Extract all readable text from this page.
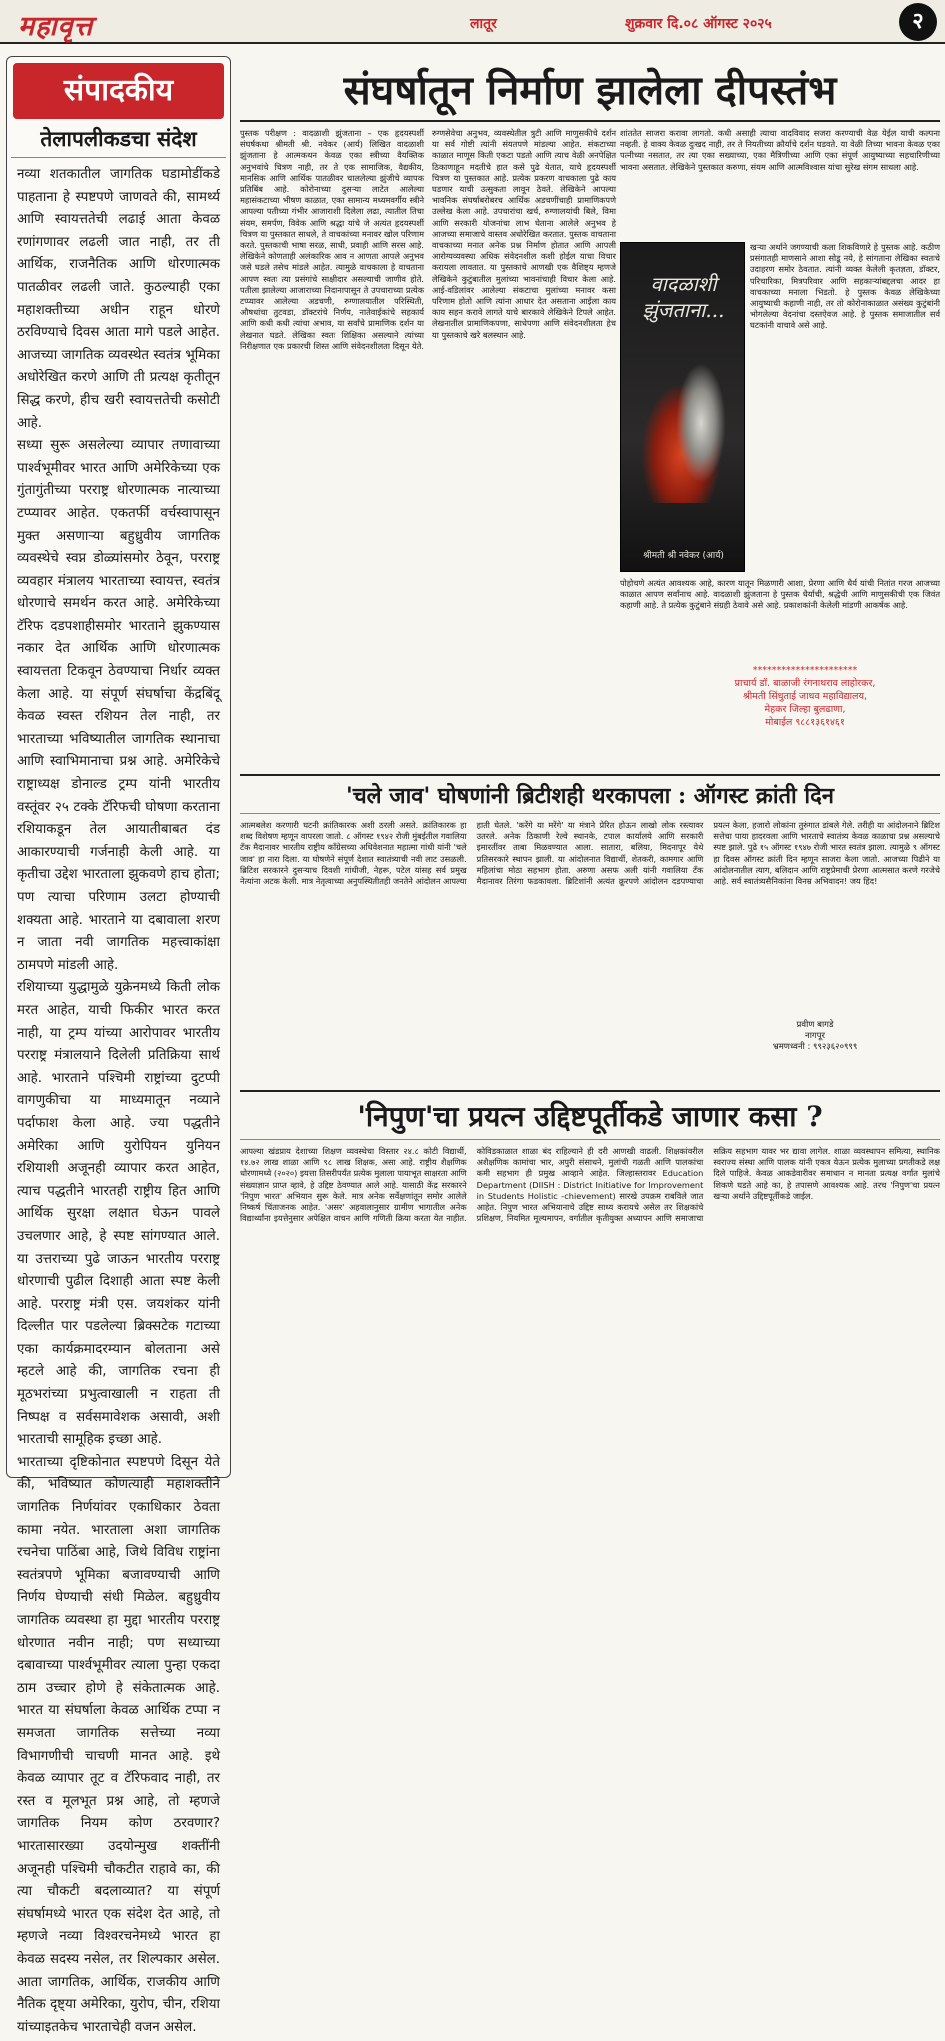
महावृत्त	लातूर	शुक्रवार दि.०८ ऑगस्ट २०२५	२
संपादकीय
तेलापलीकडचा संदेश

नव्या शतकातील जागतिक घडामोडींकडे पाहताना हे स्पष्टपणे जाणवते की, सामर्थ्य आणि स्वायत्ततेची लढाई आता केवळ रणांगणावर लढली जात नाही, तर ती आर्थिक, राजनैतिक आणि धोरणात्मक पातळीवर लढली जाते. कुठल्याही एका महाशक्तीच्या अधीन राहून धोरणे ठरविण्याचे दिवस आता मागे पडले आहेत. आजच्या जागतिक व्यवस्थेत स्वतंत्र भूमिका अधोरेखित करणे आणि ती प्रत्यक्ष कृतीतून सिद्ध करणे, हीच खरी स्वायत्ततेची कसोटी आहे.

सध्या सुरू असलेल्या व्यापार तणावाच्या पार्श्वभूमीवर भारत आणि अमेरिकेच्या एक गुंतागुंतीच्या परराष्ट्र धोरणात्मक नात्याच्या टप्प्यावर आहेत. एकतर्फी वर्चस्वापासून मुक्त असणार्‍या बहुध्रुवीय जागतिक व्यवस्थेचे स्वप्न डोळ्यांसमोर ठेवून, परराष्ट्र व्यवहार मंत्रालय भारताच्या स्वायत्त, स्वतंत्र धोरणाचे समर्थन करत आहे. अमेरिकेच्या टॅरिफ दडपशाहीसमोर भारताने झुकण्यास नकार देत आर्थिक आणि धोरणात्मक स्वायत्तता टिकवून ठेवण्याचा निर्धार व्यक्त केला आहे. या संपूर्ण संघर्षाचा केंद्रबिंदू केवळ स्वस्त रशियन तेल नाही, तर भारताच्या भविष्यातील जागतिक स्थानाचा आणि स्वाभिमानाचा प्रश्न आहे. अमेरिकेचे राष्ट्राध्यक्ष डोनाल्ड ट्रम्प यांनी भारतीय वस्तूंवर २५ टक्के टॅरिफची घोषणा करताना रशियाकडून तेल आयातीबाबत दंड आकारण्याची गर्जनाही केली आहे. या कृतीचा उद्देश भारताला झुकवणे हाच होता; पण त्याचा परिणाम उलटा होण्याची शक्यता आहे. भारताने या दबावाला शरण न जाता नवी जागतिक महत्त्वाकांक्षा ठामपणे मांडली आहे.

रशियाच्या युद्धामुळे युक्रेनमध्ये किती लोक मरत आहेत, याची फिकीर भारत करत नाही, या ट्रम्प यांच्या आरोपावर भारतीय परराष्ट्र मंत्रालयाने दिलेली प्रतिक्रिया सार्थ आहे. भारताने पश्चिमी राष्ट्रांच्या दुटप्पी वागणुकीचा या माध्यमातून नव्याने पर्दाफाश केला आहे. ज्या पद्धतीने अमेरिका आणि युरोपियन युनियन रशियाशी अजूनही व्यापार करत आहेत, त्याच पद्धतीने भारतही राष्ट्रीय हित आणि आर्थिक सुरक्षा लक्षात घेऊन पावले उचलणार आहे, हे स्पष्ट सांगण्यात आले. या उत्तराच्या पुढे जाऊन भारतीय परराष्ट्र धोरणाची पुढील दिशाही आता स्पष्ट केली आहे. परराष्ट्र मंत्री एस. जयशंकर यांनी दिल्लीत पार पडलेल्या ब्रिक्सटेक गटाच्या एका कार्यक्रमादरम्यान बोलताना असे म्हटले आहे की, जागतिक रचना ही मूठभरांच्या प्रभुत्वाखाली न राहता ती निष्पक्ष व सर्वसमावेशक असावी, अशी भारताची सामूहिक इच्छा आहे.

भारताच्या दृष्टिकोनात स्पष्टपणे दिसून येते की, भविष्यात कोणत्याही महाशक्तीने जागतिक निर्णयांवर एकाधिकार ठेवता कामा नयेत. भारताला अशा जागतिक रचनेचा पाठिंबा आहे, जिथे विविध राष्ट्रांना स्वतंत्रपणे भूमिका बजावण्याची आणि निर्णय घेण्याची संधी मिळेल. बहुध्रुवीय जागतिक व्यवस्था हा मुद्दा भारतीय परराष्ट्र धोरणात नवीन नाही; पण सध्याच्या दबावाच्या पार्श्वभूमीवर त्याला पुन्हा एकदा ठाम उच्चार होणे हे संकेतात्मक आहे. भारत या संघर्षाला केवळ आर्थिक टप्पा न समजता जागतिक सत्तेच्या नव्या विभागणीची चाचणी मानत आहे. इथे केवळ व्यापार तूट व टॅरिफवाद नाही, तर रस्त व मूलभूत प्रश्न आहे, तो म्हणजे जागतिक नियम कोण ठरवणार? भारतासारख्या उदयोन्मुख शक्तींनी अजूनही पश्चिमी चौकटीत राहावे का, की त्या चौकटी बदलाव्यात? या संपूर्ण संघर्षामध्ये भारत एक संदेश देत आहे, तो म्हणजे नव्या विश्वरचनेमध्ये भारत हा केवळ सदस्य नसेल, तर शिल्पकार असेल. आता जागतिक, आर्थिक, राजकीय आणि नैतिक दृष्ट्या अमेरिका, युरोप, चीन, रशिया यांच्याइतकेच भारताचेही वजन असेल.

संघर्षातून निर्माण झालेला दीपस्तंभ
पुस्तक परीक्षण : वादळाशी झुंजताना – एक हृदयस्पर्शी संघर्षकथा श्रीमती श्री. नवेकर (आर्य) लिखित वादळाशी झुंजताना हे आत्मकथन केवळ एका स्त्रीच्या वैयक्तिक अनुभवांचे चित्रण नाही, तर ते एक सामाजिक, वैद्यकीय, मानसिक आणि आर्थिक पातळीवर चाललेल्या झुंजीचे व्यापक प्रतिबिंब आहे. कोरोनाच्या दुसर्‍या लाटेत आलेल्या महासंकटाच्या भीषण काळात, एका सामान्य मध्यमवर्गीय स्त्रीने आपल्या पतीच्या गंभीर आजाराशी दिलेला लढा, त्यातील तिचा संयम, समर्पण, विवेक आणि श्रद्धा यांचे जे अत्यंत हृदयस्पर्शी चित्रण या पुस्तकात साधले, ते वाचकांच्या मनावर खोल परिणाम करते. पुस्तकाची भाषा सरळ, साधी, प्रवाही आणि सरस आहे. लेखिकेने कोणताही अलंकारिक आव न आणता आपले अनुभव जसे घडले तसेच मांडले आहेत. त्यामुळे वाचकाला हे वाचताना आपण स्वतः त्या प्रसंगांचे साक्षीदार असल्याची जाणीव होते. पतीला झालेल्या आजाराच्या निदानापासून ते उपचाराच्या प्रत्येक टप्प्यावर आलेल्या अडचणी, रुग्णालयातील परिस्थिती, औषधांचा तुटवडा, डॉक्टरांचे निर्णय, नातेवाईकांचे सहकार्य आणि कधी कधी त्यांचा अभाव, या सर्वांचे प्रामाणिक दर्शन या लेखनात घडते. लेखिका स्वतः शिक्षिका असल्याने त्यांच्या निरीक्षणात एक प्रकारची शिस्त आणि संवेदनशीलता दिसून येते. रुग्णसेवेचा अनुभव, व्यवस्थेतील त्रुटी आणि माणुसकीचे दर्शन या सर्व गोष्टी त्यांनी संयतपणे मांडल्या आहेत. संकटाच्या काळात माणूस किती एकटा पडतो आणि त्याच वेळी अनपेक्षित ठिकाणाहून मदतीचे हात कसे पुढे येतात, याचे हृदयस्पर्शी चित्रण या पुस्तकात आहे. प्रत्येक प्रकरण वाचकाला पुढे काय घडणार याची उत्सुकता लावून ठेवते. लेखिकेने आपल्या भावनिक संघर्षाबरोबरच आर्थिक अडचणींचाही प्रामाणिकपणे उल्लेख केला आहे. उपचारांचा खर्च, रुग्णालयांची बिले, विमा आणि सरकारी योजनांचा लाभ घेताना आलेले अनुभव हे आजच्या समाजाचे वास्तव अधोरेखित करतात. पुस्तक वाचताना वाचकाच्या मनात अनेक प्रश्न निर्माण होतात आणि आपली आरोग्यव्यवस्था अधिक संवेदनशील कशी होईल याचा विचार करायला लावतात. या पुस्तकाचे आणखी एक वैशिष्ट्य म्हणजे लेखिकेने कुटुंबातील मुलांच्या भावनांचाही विचार केला आहे. आई-वडिलांवर आलेल्या संकटाचा मुलांच्या मनावर कसा परिणाम होतो आणि त्यांना आधार देत असताना आईला काय काय सहन करावे लागते याचे बारकावे लेखिकेने टिपले आहेत. लेखनातील प्रामाणिकपणा, साधेपणा आणि संवेदनशीलता हेच या पुस्तकाचे खरे बलस्थान आहे.
शांततेत साजरा करावा लागतो. कधी असाही त्याचा वादविवाद सजरा करण्याची वेळ येईल याची कल्पना नव्हती. हे वाक्य केवळ दुःखद नाही, तर ते नियतीच्या क्रौर्याचे दर्शन घडवते. या वेळी तिच्या भावना केवळ एका पत्नीच्या नसतात, तर त्या एका सख्याच्या, एका मैत्रिणीच्या आणि एका संपूर्ण आयुष्याच्या सहचारिणीच्या भावना असतात. लेखिकेने पुस्तकात करुणा, संयम आणि आत्मविश्वास यांचा सुरेख संगम साधला आहे.
वादळाशी झुंजताना...
श्रीमती श्री नवेकर (आर्य)
खऱ्या अर्थाने जगण्याची कला शिकविणारे हे पुस्तक आहे. कठीण प्रसंगातही माणसाने आशा सोडू नये, हे सांगताना लेखिका स्वतःचे उदाहरण समोर ठेवतात. त्यांनी व्यक्त केलेली कृतज्ञता, डॉक्टर, परिचारिका, मित्रपरिवार आणि सहकाऱ्यांबद्दलचा आदर हा वाचकाच्या मनाला भिडतो. हे पुस्तक केवळ लेखिकेच्या आयुष्याची कहाणी नाही, तर तो कोरोनाकाळात असंख्य कुटुंबांनी भोगलेल्या वेदनांचा दस्तऐवज आहे. हे पुस्तक समाजातील सर्व घटकांनी वाचावे असे आहे.
पोहोचणे अत्यंत आवश्यक आहे, कारण यातून मिळणारी आशा, प्रेरणा आणि धैर्य यांची नितांत गरज आजच्या काळात आपण सर्वांनाच आहे. वादळाशी झुंजताना हे पुस्तक धैर्याची, श्रद्धेची आणि माणुसकीची एक जिवंत कहाणी आहे. ते प्रत्येक कुटुंबाने संग्रही ठेवावे असे आहे. प्रकाशकांनी केलेली मांडणी आकर्षक आहे.
**********************
प्राचार्य डॉ. बाळाजी रंगनाथराव लाहोरकर,
श्रीमती सिंधुताई जाधव महाविद्यालय,
मेहकर जिल्हा बुलढाणा,
मोबाईल ९८८१३६१४६१
'चले जाव' घोषणांनी ब्रिटीशही थरकापला : ऑगस्ट क्रांती दिन
आत्मबलेश करणारी घटनी क्रांतिकारक अशी ठरली असते. क्रांतिकारक हा शब्द विशेषण म्हणून वापरला जातो. ८ ऑगस्ट १९४२ रोजी मुंबईतील गवालिया टँक मैदानावर भारतीय राष्ट्रीय काँग्रेसच्या अधिवेशनात महात्मा गांधी यांनी 'चले जाव' हा नारा दिला. या घोषणेने संपूर्ण देशात स्वातंत्र्याची नवी लाट उसळली. ब्रिटिश सरकारने दुसऱ्याच दिवशी गांधीजी, नेहरू, पटेल यांसह सर्व प्रमुख नेत्यांना अटक केली. मात्र नेतृत्वाच्या अनुपस्थितीतही जनतेने आंदोलन आपल्या हाती घेतले. 'करेंगे या मरेंगे' या मंत्राने प्रेरित होऊन लाखो लोक रस्त्यावर उतरले. अनेक ठिकाणी रेल्वे स्थानके, टपाल कार्यालये आणि सरकारी इमारतींवर ताबा मिळवण्यात आला. सातारा, बलिया, मिदनापूर येथे प्रतिसरकारे स्थापन झाली. या आंदोलनात विद्यार्थी, शेतकरी, कामगार आणि महिलांचा मोठा सहभाग होता. अरुणा असफ अली यांनी गवालिया टँक मैदानावर तिरंगा फडकावला. ब्रिटिशांनी अत्यंत क्रूरपणे आंदोलन दडपण्याचा प्रयत्न केला, हजारो लोकांना तुरुंगात डांबले गेले. तरीही या आंदोलनाने ब्रिटिश सत्तेचा पाया हादरवला आणि भारताचे स्वातंत्र्य केवळ काळाचा प्रश्न असल्याचे स्पष्ट झाले. पुढे १५ ऑगस्ट १९४७ रोजी भारत स्वतंत्र झाला. त्यामुळे ९ ऑगस्ट हा दिवस ऑगस्ट क्रांती दिन म्हणून साजरा केला जातो. आजच्या पिढीने या आंदोलनातील त्याग, बलिदान आणि राष्ट्रप्रेमाची प्रेरणा आत्मसात करणे गरजेचे आहे. सर्व स्वातंत्र्यसैनिकांना विनम्र अभिवादन! जय हिंद!
प्रवीण बागडे
नागपूर
भ्रमणध्वनी : ९९२३६२०९९९
'निपुण'चा प्रयत्न उद्दिष्टपूर्तीकडे जाणार कसा ?
आपल्या खंडप्राय देशाच्या शिक्षण व्यवस्थेचा विस्तार २४.८ कोटी विद्यार्थी, १४.७२ लाख शाळा आणि ९८ लाख शिक्षक, असा आहे. राष्ट्रीय शैक्षणिक धोरणामध्ये (२०२०) इयत्ता तिसरीपर्यंत प्रत्येक मुलाला पायाभूत साक्षरता आणि संख्याज्ञान प्राप्त व्हावे, हे उद्दिष्ट ठेवण्यात आले आहे. यासाठी केंद्र सरकारने 'निपुण भारत' अभियान सुरू केले. मात्र अनेक सर्वेक्षणांतून समोर आलेले निष्कर्ष चिंताजनक आहेत. 'असर' अहवालानुसार ग्रामीण भागातील अनेक विद्यार्थ्यांना इयत्तेनुसार अपेक्षित वाचन आणि गणिती क्रिया करता येत नाहीत. कोविडकाळात शाळा बंद राहिल्याने ही दरी आणखी वाढली. शिक्षकांवरील अशैक्षणिक कामांचा भार, अपुरी संसाधने, मुलांची गळती आणि पालकांचा कमी सहभाग ही प्रमुख आव्हाने आहेत. जिल्हास्तरावर Education Department (DIISH : District Initiative for Improvement in Students Holistic -chievement) सारखे उपक्रम राबविले जात आहेत. निपुण भारत अभियानाचे उद्दिष्ट साध्य करायचे असेल तर शिक्षकांचे प्रशिक्षण, नियमित मूल्यमापन, वर्गातील कृतीयुक्त अध्यापन आणि समाजाचा सक्रिय सहभाग यावर भर द्यावा लागेल. शाळा व्यवस्थापन समित्या, स्थानिक स्वराज्य संस्था आणि पालक यांनी एकत्र येऊन प्रत्येक मुलाच्या प्रगतीकडे लक्ष दिले पाहिजे. केवळ आकडेवारीवर समाधान न मानता प्रत्यक्ष वर्गात मुलांचे शिकणे घडते आहे का, हे तपासणे आवश्यक आहे. तरच 'निपुण'चा प्रयत्न खऱ्या अर्थाने उद्दिष्टपूर्तीकडे जाईल.
